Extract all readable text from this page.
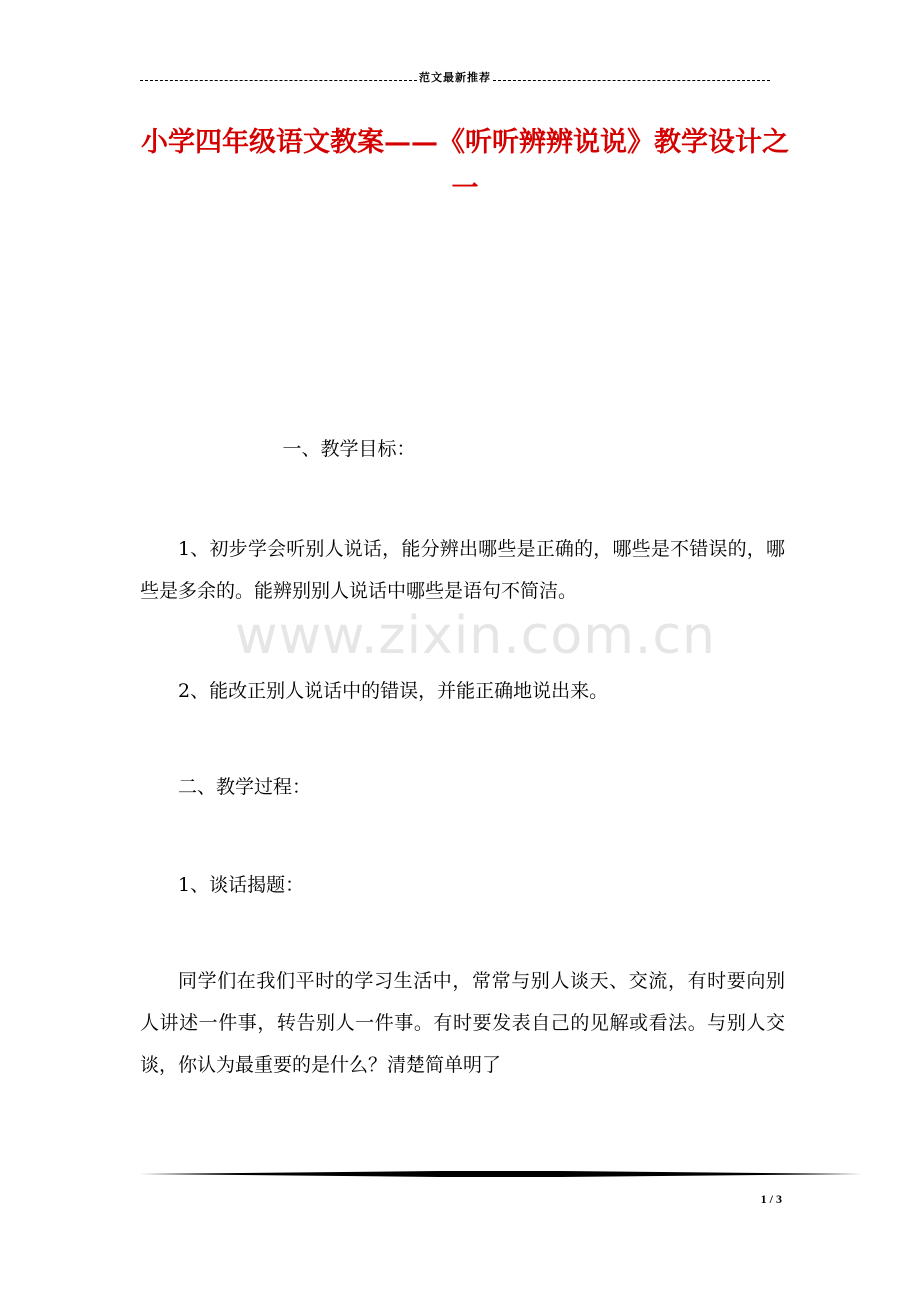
范文最新推荐
小学四年级语文教案——《听听辨辨说说》教学设计之一

一、教学目标：

1、初步学会听别人说话，能分辨出哪些是正确的，哪些是不错误的，哪些是多余的。能辨别别人说话中哪些是语句不简洁。

2、能改正别人说话中的错误，并能正确地说出来。

二、教学过程：

1、谈话揭题：

同学们在我们平时的学习生活中，常常与别人谈天、交流，有时要向别人讲述一件事，转告别人一件事。有时要发表自己的见解或看法。与别人交谈，你认为最重要的是什么？清楚简单明了

www.zixin.com.cn
1 / 3
